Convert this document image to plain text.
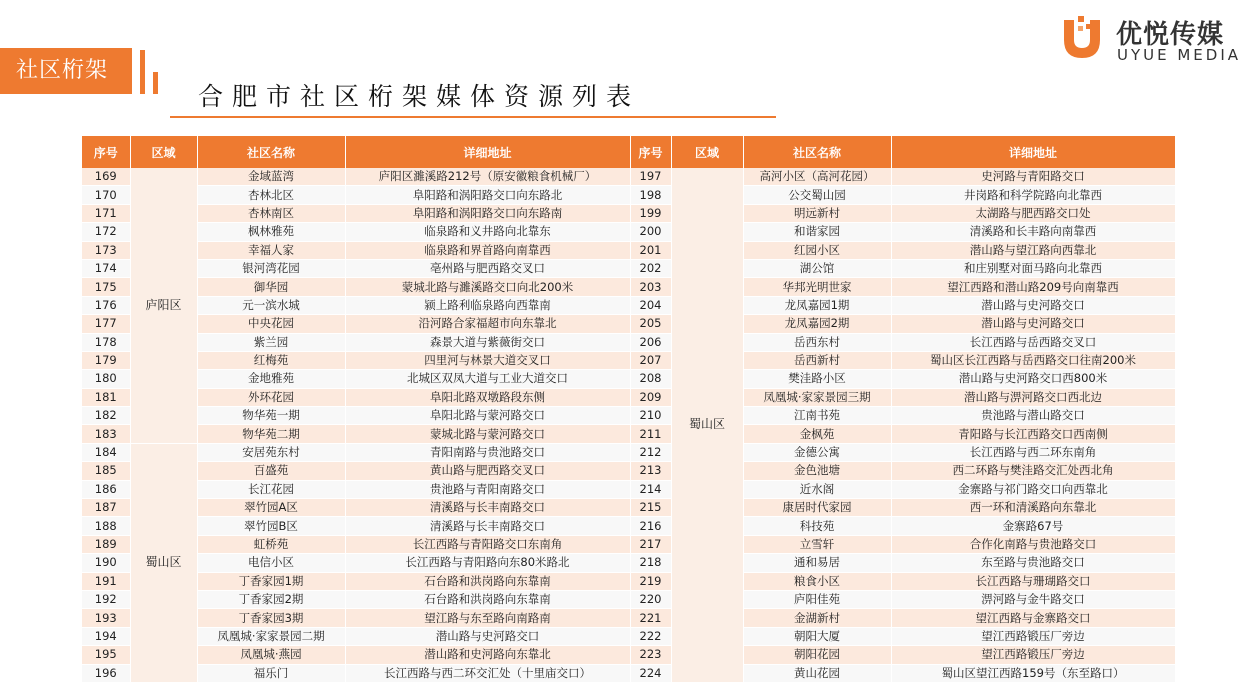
社区桁架
合肥市社区桁架媒体资源列表
优悦传媒
UYUE MEDIA
序号	区域	社区名称	详细地址	序号	区域	社区名称	详细地址
169	庐阳区	金域蓝湾	庐阳区濉溪路212号（原安徽粮食机械厂）	197	蜀山区	高河小区（高河花园）	史河路与青阳路交口
170		杏林北区	阜阳路和涡阳路交口向东路北	198		公交蜀山园	井岗路和科学院路向北靠西
171		杏林南区	阜阳路和涡阳路交口向东路南	199		明远新村	太湖路与肥西路交口处
172		枫林雅苑	临泉路和义井路向北靠东	200		和谐家园	清溪路和长丰路向南靠西
173		幸福人家	临泉路和界首路向南靠西	201		红园小区	潜山路与望江路向西靠北
174		银河湾花园	亳州路与肥西路交叉口	202		湖公馆	和庄别墅对面马路向北靠西
175		御华园	蒙城北路与濉溪路交口向北200米	203		华邦光明世家	望江西路和潜山路209号向南靠西
176		元一滨水城	颍上路利临泉路向西靠南	204		龙凤嘉园1期	潜山路与史河路交口
177		中央花园	沿河路合家福超市向东靠北	205		龙凤嘉园2期	潜山路与史河路交口
178		紫兰园	森景大道与紫薇街交口	206		岳西东村	长江西路与岳西路交叉口
179		红梅苑	四里河与林景大道交叉口	207		岳西新村	蜀山区长江西路与岳西路交口往南200米
180		金地雅苑	北城区双凤大道与工业大道交口	208		樊洼路小区	潜山路与史河路交口西800米
181		外环花园	阜阳北路双墩路段东侧	209		凤凰城·家家景园三期	潜山路与淠河路交口西北边
182		物华苑一期	阜阳北路与蒙河路交口	210		江南书苑	贵池路与潜山路交口
183		物华苑二期	蒙城北路与蒙河路交口	211		金枫苑	青阳路与长江西路交口西南侧
184	蜀山区	安居苑东村	青阳南路与贵池路交口	212		金德公寓	长江西路与西二环东南角
185		百盛苑	黄山路与肥西路交叉口	213		金色池塘	西二环路与樊洼路交汇处西北角
186		长江花园	贵池路与青阳南路交口	214		近水阁	金寨路与祁门路交口向西靠北
187		翠竹园A区	清溪路与长丰南路交口	215		康居时代家园	西一环和清溪路向东靠北
188		翠竹园B区	清溪路与长丰南路交口	216		科技苑	金寨路67号
189		虹桥苑	长江西路与青阳路交口东南角	217		立雪轩	合作化南路与贵池路交口
190		电信小区	长江西路与青阳路向东80米路北	218		通和易居	东至路与贵池路交口
191		丁香家园1期	石台路和洪岗路向东靠南	219		粮食小区	长江西路与珊瑚路交口
192		丁香家园2期	石台路和洪岗路向东靠南	220		庐阳佳苑	淠河路与金牛路交口
193		丁香家园3期	望江路与东至路向南路南	221		金湖新村	望江西路与金寨路交口
194		凤凰城·家家景园二期	潜山路与史河路交口	222		朝阳大厦	望江西路锻压厂旁边
195		凤凰城·燕园	潜山路和史河路向东靠北	223		朝阳花园	望江西路锻压厂旁边
196		福乐门	长江西路与西二环交汇处（十里庙交口）	224		黄山花园	蜀山区望江西路159号（东至路口）
